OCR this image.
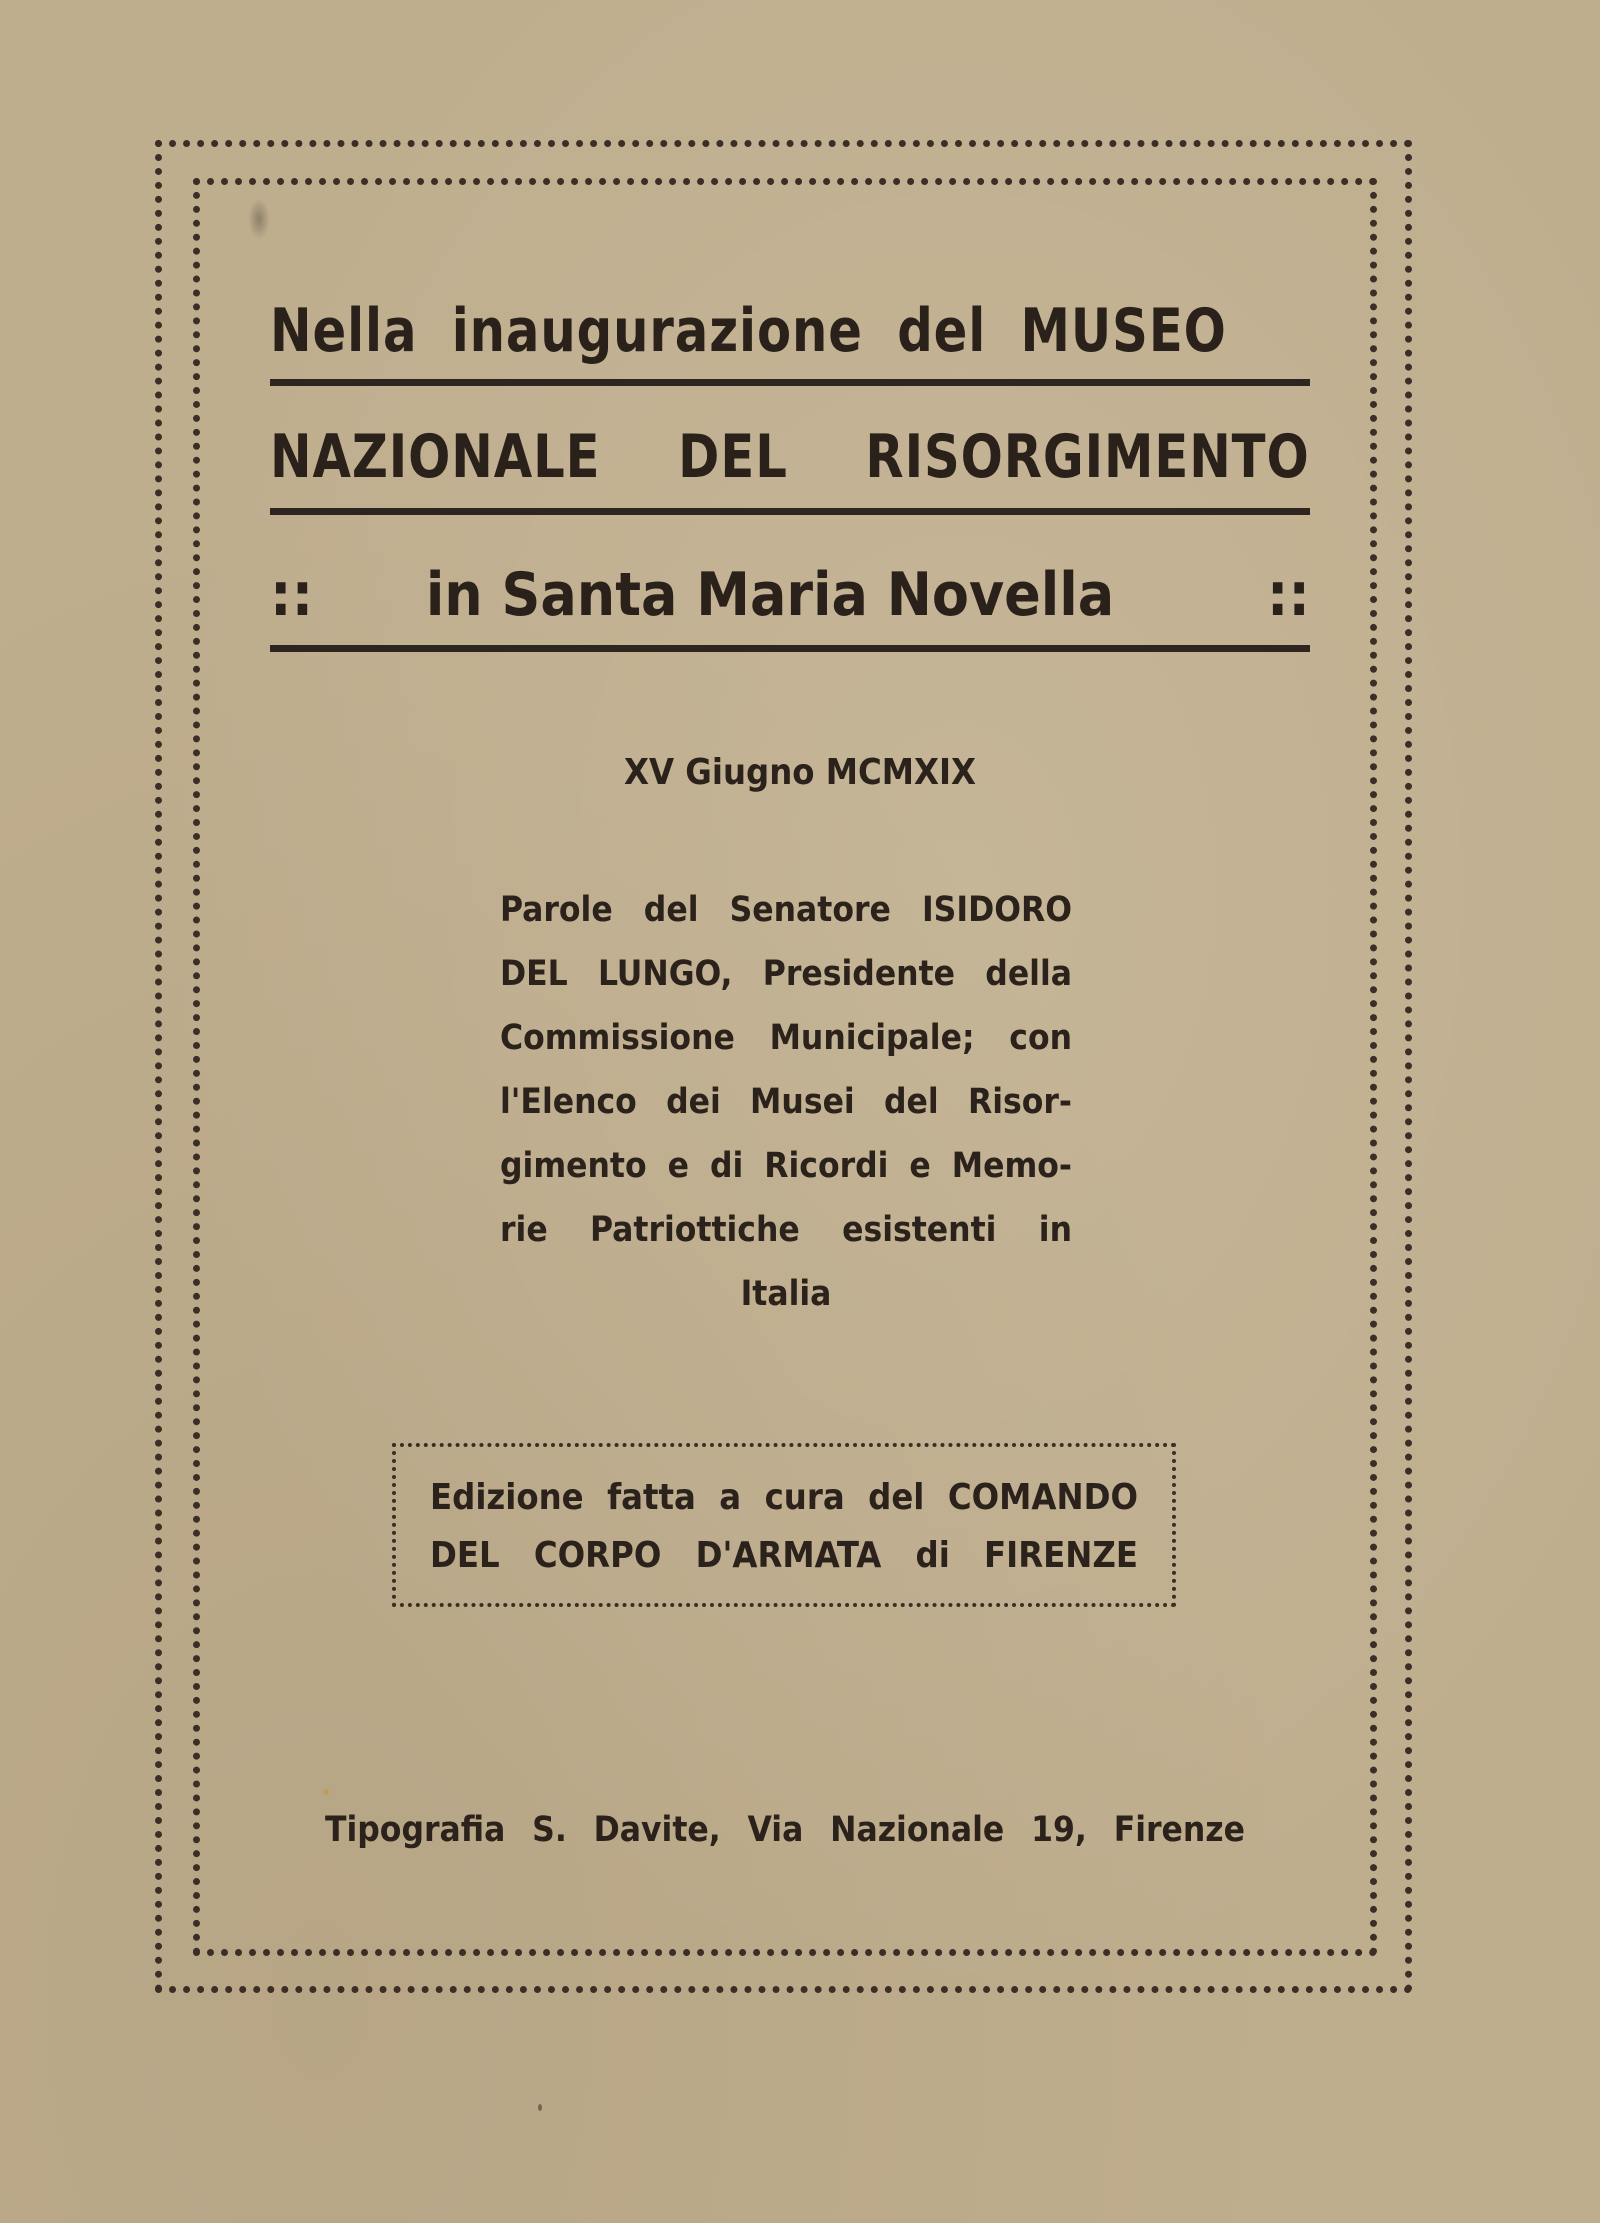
Nella inaugurazione del MUSEO
NAZIONALE DEL RISORGIMENTO
::	in Santa Maria Novella	::
XV Giugno MCMXIX
Parole del Senatore ISIDORO
DEL LUNGO, Presidente della
Commissione Municipale; con
l'Elenco dei Musei del Risor-
gimento e di Ricordi e Memo-
rie Patriottiche esistenti in
Italia
Edizione fatta a cura del COMANDO
DEL CORPO D'ARMATA di FIRENZE
Tipografia S. Davite, Via Nazionale 19, Firenze
